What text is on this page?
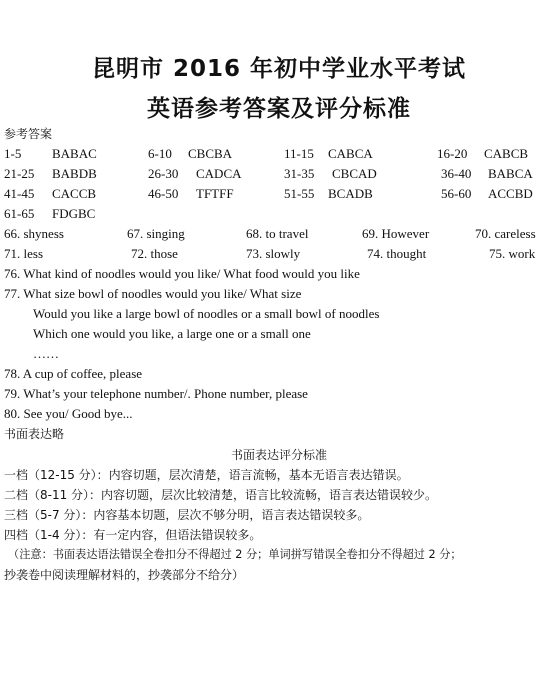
昆明市 2016 年初中学业水平考试
英语参考答案及评分标准
参考答案
1-5 BABAC	6-10 CBCBA	11-15 CABCA	16-20 CABCB
21-25 BABDB	26-30 CADCA	31-35 CBCAD	36-40 BABCA
41-45 CACCB	46-50 TFTFF	51-55 BCADB	56-60 ACCBD
61-65 FDGBC
66. shyness	67. singing	68. to travel	69. However	70. careless
71. less	72. those	73. slowly	74. thought	75. work
76. What kind of noodles would you like/ What food would you like
77. What size bowl of noodles would you like/ What size
Would you like a large bowl of noodles or a small bowl of noodles
Which one would you like, a large one or a small one
……
78. A cup of coffee, please
79. What’s your telephone number/. Phone number, please
80. See you/ Good bye...
书面表达略
书面表达评分标准
一档（12-15 分）：内容切题，层次清楚，语言流畅，基本无语言表达错误。
二档（8-11 分）：内容切题，层次比较清楚，语言比较流畅，语言表达错误较少。
三档（5-7 分）：内容基本切题，层次不够分明，语言表达错误较多。
四档（1-4 分）：有一定内容，但语法错误较多。
（注意：书面表达语法错误全卷扣分不得超过 2 分；单词拼写错误全卷扣分不得超过 2 分；
抄袭卷中阅读理解材料的，抄袭部分不给分）
